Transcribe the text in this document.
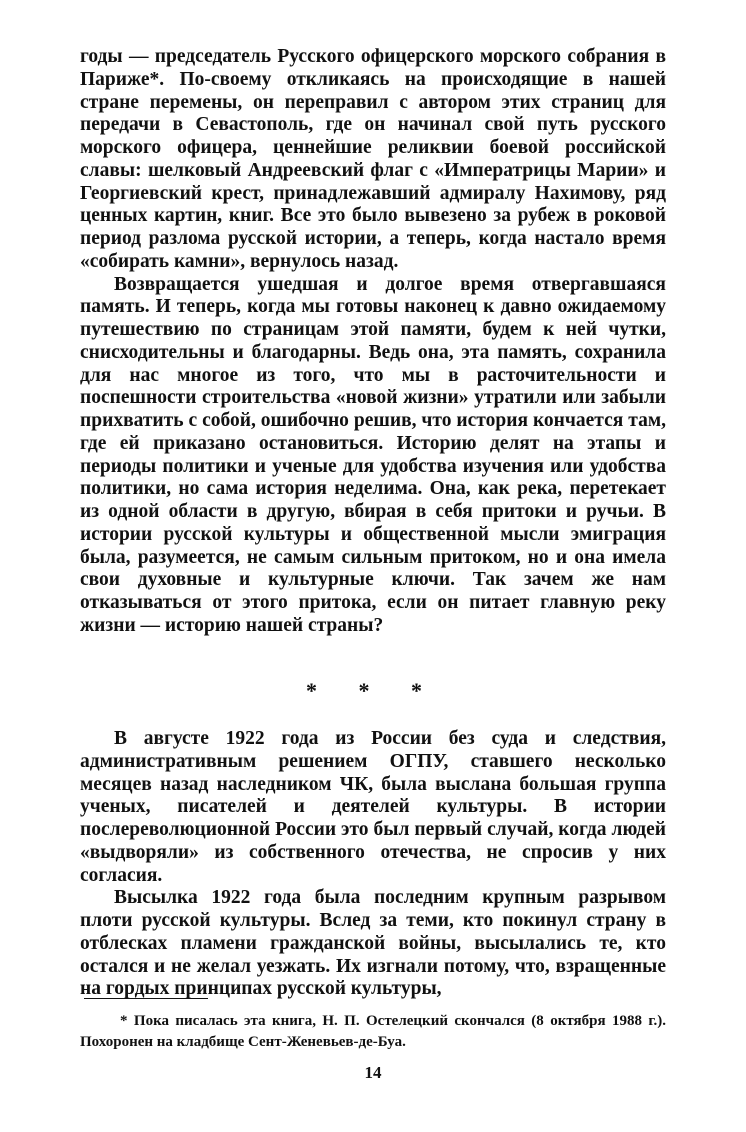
годы — председатель Русского офицерского морского собрания в Париже*. По-своему откликаясь на происходящие в нашей стране перемены, он переправил с автором этих страниц для передачи в Севастополь, где он начинал свой путь русского морского офицера, ценнейшие реликвии боевой российской славы: шелковый Андреевский флаг с «Императрицы Марии» и Георгиевский крест, принадлежавший адмиралу Нахимову, ряд ценных картин, книг. Все это было вывезено за рубеж в роковой период разлома русской истории, а теперь, когда настало время «собирать камни», вернулось назад.

Возвращается ушедшая и долгое время отвергавшаяся память. И теперь, когда мы готовы наконец к давно ожидаемому путешествию по страницам этой памяти, будем к ней чутки, снисходительны и благодарны. Ведь она, эта память, сохранила для нас многое из того, что мы в расточительности и поспешности строительства «новой жизни» утратили или забыли прихватить с собой, ошибочно решив, что история кончается там, где ей приказано остановиться. Историю делят на этапы и периоды политики и ученые для удобства изучения или удобства политики, но сама история неделима. Она, как река, перетекает из одной области в другую, вбирая в себя притоки и ручьи. В истории русской культуры и общественной мысли эмиграция была, разумеется, не самым сильным притоком, но и она имела свои духовные и культурные ключи. Так зачем же нам отказываться от этого притока, если он питает главную реку жизни — историю нашей страны?

* * *

В августе 1922 года из России без суда и следствия, административным решением ОГПУ, ставшего несколько месяцев назад наследником ЧК, была выслана большая группа ученых, писателей и деятелей культуры. В истории послереволюционной России это был первый случай, когда людей «выдворяли» из собственного отечества, не спросив у них согласия.

Высылка 1922 года была последним крупным разрывом плоти русской культуры. Вслед за теми, кто покинул страну в отблесках пламени гражданской войны, высылались те, кто остался и не желал уезжать. Их изгнали потому, что, взращенные на гордых принципах русской культуры,

* Пока писалась эта книга, Н. П. Остелецкий скончался (8 октября 1988 г.). Похоронен на кладбище Сент-Женевьев-де-Буа.

14
